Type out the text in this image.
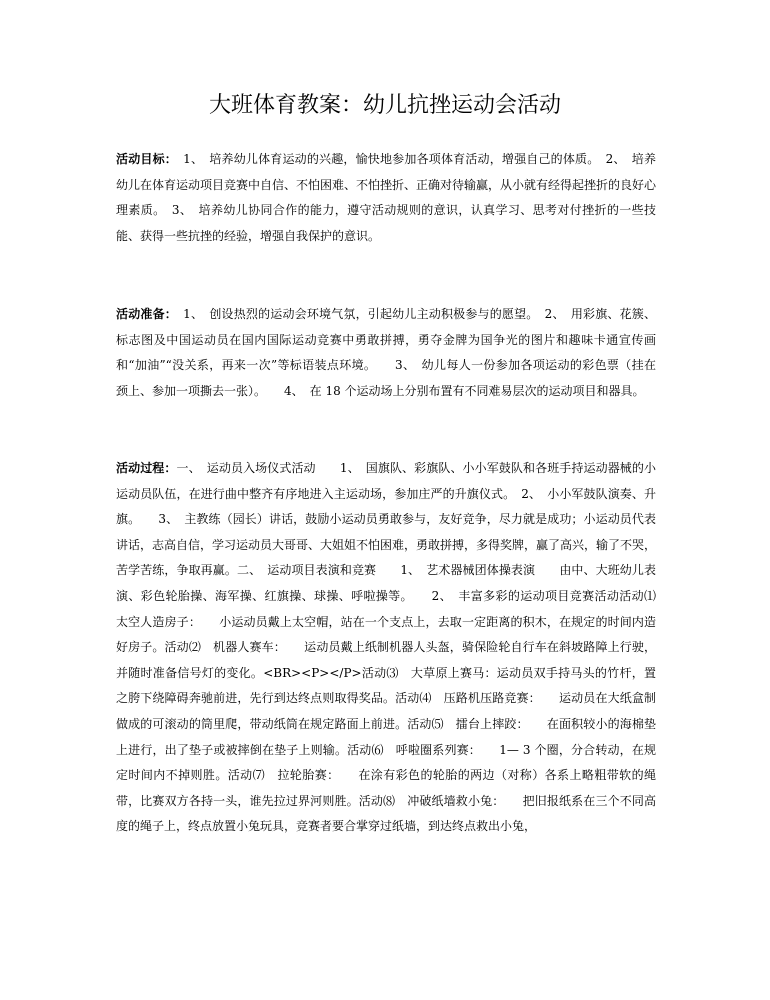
大班体育教案：幼儿抗挫运动会活动

活动目标：　1、　培养幼儿体育运动的兴趣，愉快地参加各项体育活动，增强自己的体质。　2、　培养幼儿在体育运动项目竞赛中自信、不怕困难、不怕挫折、正确对待输赢，从小就有经得起挫折的良好心理素质。　3、　培养幼儿协同合作的能力，遵守活动规则的意识，认真学习、思考对付挫折的一些技能、获得一些抗挫的经验，增强自我保护的意识。

活动准备：　1、　创设热烈的运动会环境气氛，引起幼儿主动积极参与的愿望。　2、　用彩旗、花簇、标志图及中国运动员在国内国际运动竞赛中勇敢拼搏，勇夺金牌为国争光的图片和趣味卡通宣传画和“加油”“没关系，再来一次”等标语装点环境。　　3、　幼儿每人一份参加各项运动的彩色票（挂在　颈上、参加一项撕去一张）。　　4、　在 18 个运动场上分别布置有不同难易层次的运动项目和器具。

活动过程：一、　运动员入场仪式活动　　1、　国旗队、彩旗队、小小军鼓队和各班手持运动器械的小运动员队伍，在进行曲中整齐有序地进入主运动场，参加庄严的升旗仪式。　2、　小小军鼓队演奏、升旗。　　3、　主教练（园长）讲话，鼓励小运动员勇敢参与，友好竞争，尽力就是成功；小运动员代表讲话，志高自信，学习运动员大哥哥、大姐姐不怕困难，勇敢拼搏，多得奖牌，赢了高兴，输了不哭，苦学苦练，争取再赢。二、　运动项目表演和竞赛　　1、　艺术器械团体操表演　　由中、大班幼儿表演、彩色轮胎操、海军操、红旗操、球操、呼啦操等。　　2、　丰富多彩的运动项目竞赛活动活动⑴　太空人造房子：　　小运动员戴上太空帽，站在一个支点上，去取一定距离的积木，在规定的时间内造好房子。活动⑵　机器人赛车：　　运动员戴上纸制机器人头盔，骑保险轮自行车在斜坡路障上行驶，并随时准备信号灯的变化。<BR><P></P>活动⑶　大草原上赛马：运动员双手持马头的竹杆，置之胯下绕障碍奔驰前进，先行到达终点则取得奖品。活动⑷　压路机压路竞赛：　　运动员在大纸盒制做成的可滚动的筒里爬，带动纸筒在规定路面上前进。活动⑸　擂台上摔跤：　　在面积较小的海棉垫上进行，出了垫子或被摔倒在垫子上则输。活动⑹　呼啦圈系列赛：　　1— 3 个圈，分合转动，在规定时间内不掉则胜。活动⑺　拉轮胎赛：　　在涂有彩色的轮胎的两边（对称）各系上略粗带软的绳带，比赛双方各持一头，谁先拉过界河则胜。活动⑻　冲破纸墙救小兔：　　把旧报纸系在三个不同高度的绳子上，终点放置小兔玩具，竞赛者要合掌穿过纸墙，到达终点救出小兔，
